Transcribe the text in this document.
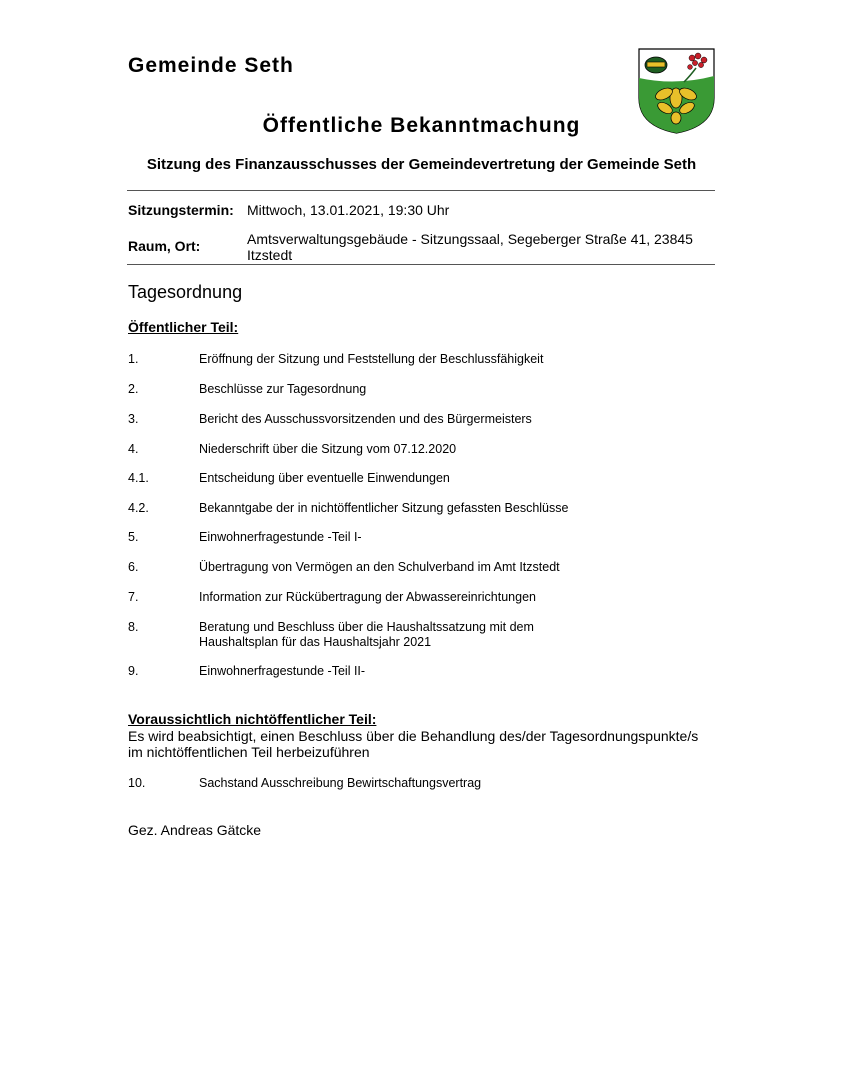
Gemeinde Seth
Öffentliche Bekanntmachung
Sitzung des Finanzausschusses der Gemeindevertretung der Gemeinde Seth
Sitzungstermin: Mittwoch, 13.01.2021, 19:30 Uhr
Raum, Ort:	Amtsverwaltungsgebäude - Sitzungssaal, Segeberger Straße 41, 23845
Itzstedt
Tagesordnung
Öffentlicher Teil:
1.	Eröffnung der Sitzung und Feststellung der Beschlussfähigkeit
2.	Beschlüsse zur Tagesordnung
3.	Bericht des Ausschussvorsitzenden und des Bürgermeisters
4.	Niederschrift über die Sitzung vom 07.12.2020
4.1.	Entscheidung über eventuelle Einwendungen
4.2.	Bekanntgabe der in nichtöffentlicher Sitzung gefassten Beschlüsse
5.	Einwohnerfragestunde -Teil I-
6.	Übertragung von Vermögen an den Schulverband im Amt Itzstedt
7.	Information zur Rückübertragung der Abwassereinrichtungen
8.	Beratung und Beschluss über die Haushaltssatzung mit dem
Haushaltsplan für das Haushaltsjahr 2021
9.	Einwohnerfragestunde -Teil II-
Voraussichtlich nichtöffentlicher Teil:
Es wird beabsichtigt, einen Beschluss über die Behandlung des/der Tagesordnungspunkte/s
im nichtöffentlichen Teil herbeizuführen
10.	Sachstand Ausschreibung Bewirtschaftungsvertrag
Gez. Andreas Gätcke
